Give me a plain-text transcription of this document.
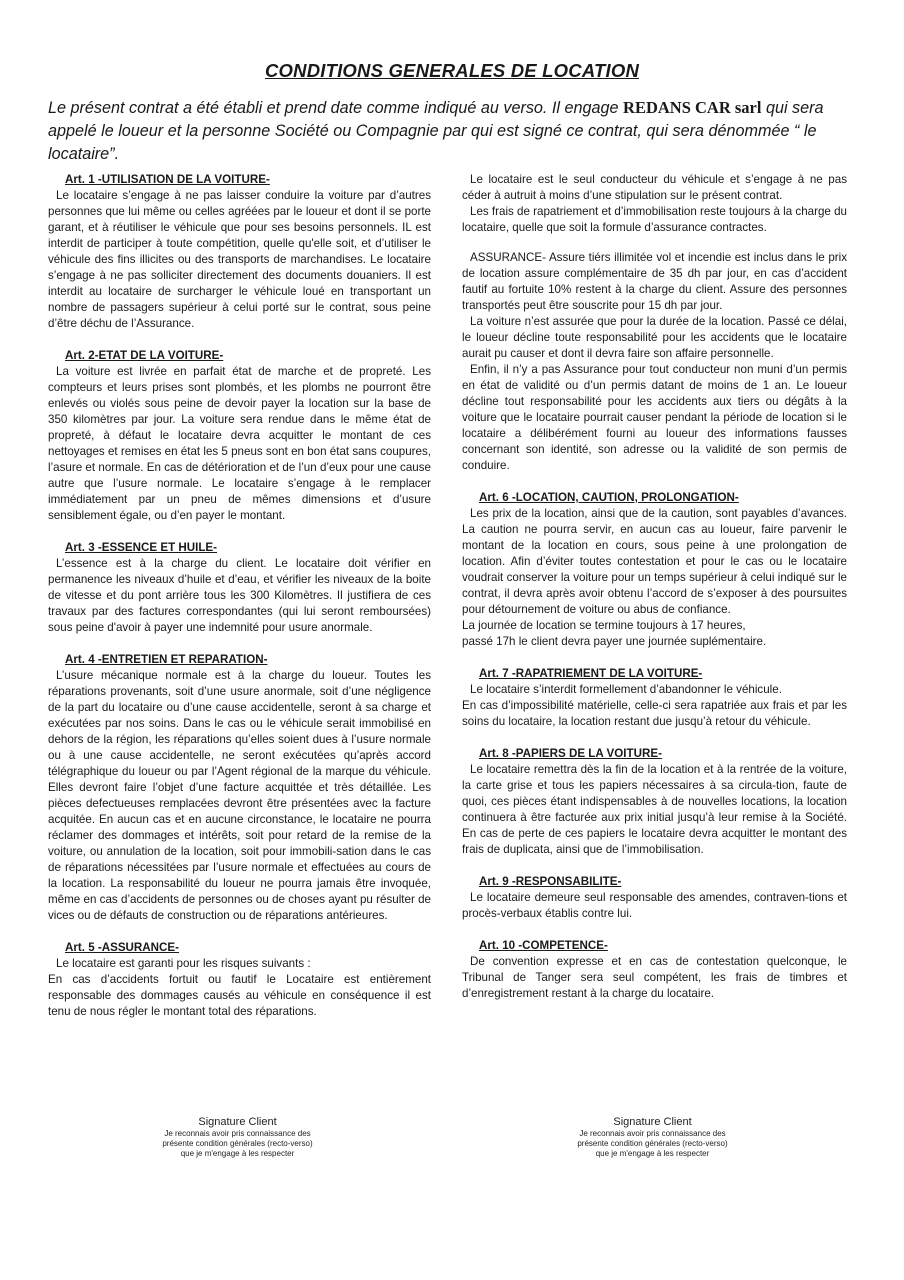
CONDITIONS GENERALES DE LOCATION

Le présent contrat a été établi et prend date comme indiqué au verso. Il engage REDANS CAR sarl qui sera appelé le loueur et la personne Société ou Compagnie par qui est signé ce contrat, qui sera dénommée “ le locataire”.

Art. 1 -UTILISATION DE LA VOITURE-

Le locataire s’engage à ne pas laisser conduire la voiture par d’autres personnes que lui même ou celles agréées par le loueur et dont il se porte garant, et à réutiliser le véhicule que pour ses besoins personnels. IL est interdit de participer à toute compétition, quelle qu'elle soit, et d’utiliser le véhicule des fins illicites ou des transports de marchandises. Le locataire s’engage à ne pas solliciter directement des documents douaniers. Il est interdit au locataire de surcharger le véhicule loué en transportant un nombre de passagers supérieur à celui porté sur le contrat, sous peine d’être déchu de l’Assurance.

Art. 2-ETAT DE LA VOITURE-

La voiture est livrée en parfait état de marche et de propreté. Les compteurs et leurs prises sont plombés, et les plombs ne pourront être enlevés ou violés sous peine de devoir payer la location sur la base de 350 kilomètres par jour. La voiture sera rendue dans le même état de propreté, à défaut le locataire devra acquitter le montant de ces nettoyages et remises en état les 5 pneus sont en bon état sans coupures, l’asure et normale. En cas de détérioration et de l’un d’eux pour une cause autre que l’usure normale. Le locataire s’engage à le remplacer immédiatement par un pneu de mêmes dimensions et d’usure sensiblement égale, ou d’en payer le montant.

Art. 3 -ESSENCE ET HUILE-

L’essence est à la charge du client. Le locataire doit vérifier en permanence les niveaux d’huile et d’eau, et vérifier les niveaux de la boite de vitesse et du pont arrière tous les 300 Kilomètres. Il justifiera de ces travaux par des factures correspondantes (qui lui seront remboursées) sous peine d'avoir à payer une indemnité pour usure anormale.

Art. 4 -ENTRETIEN ET REPARATION-

L’usure mécanique normale est à la charge du loueur. Toutes les réparations provenants, soit d’une usure anormale, soit d’une négligence de la part du locataire ou d’une cause accidentelle, seront à sa charge et exécutées par nos soins. Dans le cas ou le véhicule serait immobilisé en dehors de la région, les réparations qu’elles soient dues à l’usure normale ou à une cause accidentelle, ne seront exécutées qu’après accord télégraphique du loueur ou par l’Agent régional de la marque du véhicule. Elles devront faire l’objet d’une facture acquittée et très détaillée. Les pièces defectueuses remplacées devront être présentées avec la facture acquitée. En aucun cas et en aucune circonstance, le locataire ne pourra réclamer des dommages et intérêts, soit pour retard de la remise de la voiture, ou annulation de la location, soit pour immobili-sation dans le cas de réparations nécessitées par l’usure normale et effectuées au cours de la location. La responsabilité du loueur ne pourra jamais être invoquée, même en cas d’accidents de personnes ou de choses ayant pu résulter de vices ou de défauts de construction ou de réparations antérieures.

Art. 5 -ASSURANCE-

Le locataire est garanti pour les risques suivants :
En cas d’accidents fortuit ou fautif le Locataire est entièrement responsable des dommages causés au véhicule en conséquence il est tenu de nous régler le montant total des réparations.

Le locataire est le seul conducteur du véhicule et s’engage à ne pas céder à autruit à moins d’une stipulation sur le présent contrat.

Les frais de rapatriement et d’immobilisation reste toujours à la charge du locataire, quelle que soit la formule d’assurance contractes.

ASSURANCE- Assure tiérs illimitée vol et incendie est inclus dans le prix de location assure complémentaire de 35 dh par jour, en cas d’accident fautif au fortuite 10% restent à la charge du client. Assure des personnes transportés peut être souscrite pour 15 dh par jour.

La voiture n’est assurée que pour la durée de la location. Passé ce délai, le loueur décline toute responsabilité pour les accidents que le locataire aurait pu causer et dont il devra faire son affaire personnelle.

Enfin, il n’y a pas Assurance pour tout conducteur non muni d’un permis en état de validité ou d’un permis datant de moins de 1 an. Le loueur décline tout responsabilité pour les accidents aux tiers ou dégâts à la voiture que le locataire pourrait causer pendant la période de location si le locataire a délibérément fourni au loueur des informations fausses concernant son identité, son adresse ou la validité de son permis de conduire.

Art. 6 -LOCATION, CAUTION, PROLONGATION-

Les prix de la location, ainsi que de la caution, sont payables d’avances. La caution ne pourra servir, en aucun cas au loueur, faire parvenir le montant de la location en cours, sous peine à une prolongation de location. Afin d’éviter toutes contestation et pour le cas ou le locataire voudrait conserver la voiture pour un temps supérieur à celui indiqué sur le contrat, il devra après avoir obtenu l’accord de s’exposer à des poursuites pour détournement de voiture ou abus de confiance.
La journée de location se termine toujours à 17 heures,
passé 17h le client devra payer une journée suplémentaire.

Art. 7 -RAPATRIEMENT DE LA VOITURE-

Le locataire s’interdit formellement d’abandonner le véhicule.
En cas d’impossibilité matérielle, celle-ci sera rapatriée aux frais et par les soins du locataire, la location restant due jusqu’à retour du véhicule.

Art. 8 -PAPIERS DE LA VOITURE-

Le locataire remettra dès la fin de la location et à la rentrée de la voiture, la carte grise et tous les papiers nécessaires à sa circula-tion, faute de quoi, ces pièces étant indispensables à de nouvelles locations, la location continuera à être facturée aux prix initial jusqu’à leur remise à la Société. En cas de perte de ces papiers le locataire devra acquitter le montant des frais de duplicata, ainsi que de l’immobilisation.

Art. 9 -RESPONSABILITE-

Le locataire demeure seul responsable des amendes, contraven-tions et procès-verbaux établis contre lui.

Art. 10 -COMPETENCE-

De convention expresse et en cas de contestation quelconque, le Tribunal de Tanger sera seul compétent, les frais de timbres et d’enregistrement restant à la charge du locataire.

Signature Client
Je reconnais avoir pris connaissance des
présente condition générales (recto-verso)
que je m'engage à les respecter
Signature Client
Je reconnais avoir pris connaissance des
présente condition générales (recto-verso)
que je m'engage à les respecter
